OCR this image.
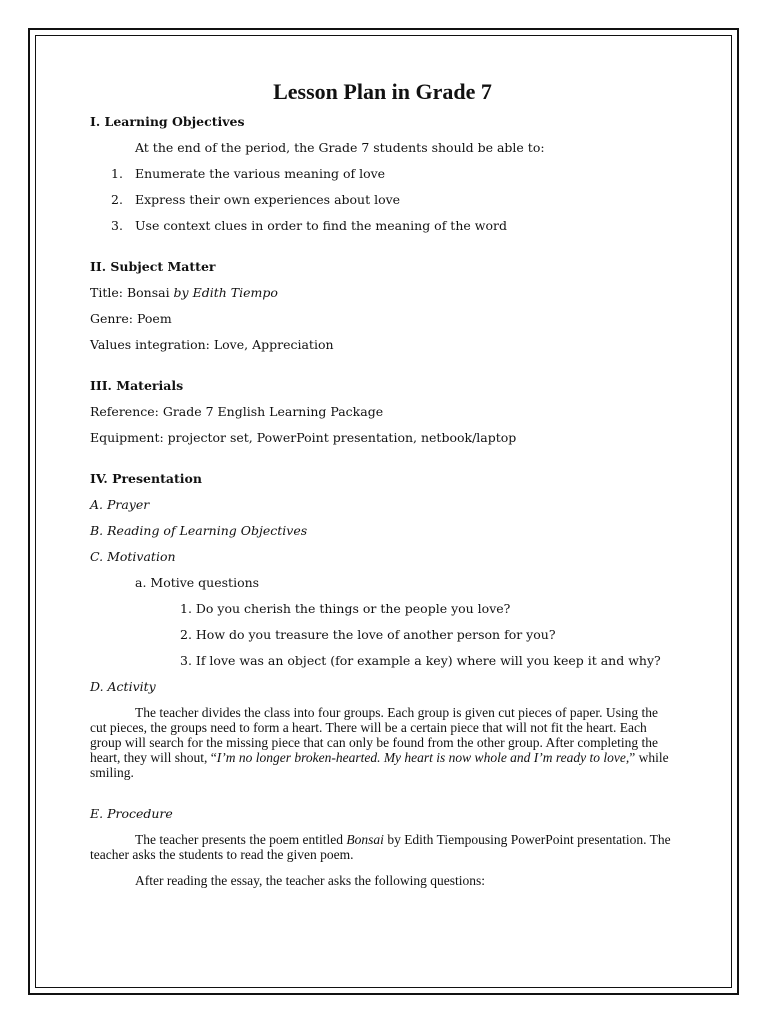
Lesson Plan in Grade 7
I. Learning Objectives
At the end of the period, the Grade 7 students should be able to:
1. Enumerate the various meaning of love
2. Express their own experiences about love
3. Use context clues in order to find the meaning of the word
II. Subject Matter
Title: Bonsai by Edith Tiempo
Genre: Poem
Values integration: Love, Appreciation
III. Materials
Reference: Grade 7 English Learning Package
Equipment: projector set, PowerPoint presentation, netbook/laptop
IV. Presentation
A. Prayer
B. Reading of Learning Objectives
C. Motivation
a. Motive questions
1. Do you cherish the things or the people you love?
2. How do you treasure the love of another person for you?
3. If love was an object (for example a key) where will you keep it and why?
D. Activity
The teacher divides the class into four groups. Each group is given cut pieces of paper. Using the cut pieces, the groups need to form a heart. There will be a certain piece that will not fit the heart. Each group will search for the missing piece that can only be found from the other group. After completing the heart, they will shout, “I’m no longer broken-hearted. My heart is now whole and I’m ready to love,” while smiling.
E. Procedure
The teacher presents the poem entitled Bonsai by Edith Tiempousing PowerPoint presentation. The teacher asks the students to read the given poem.
After reading the essay, the teacher asks the following questions:
